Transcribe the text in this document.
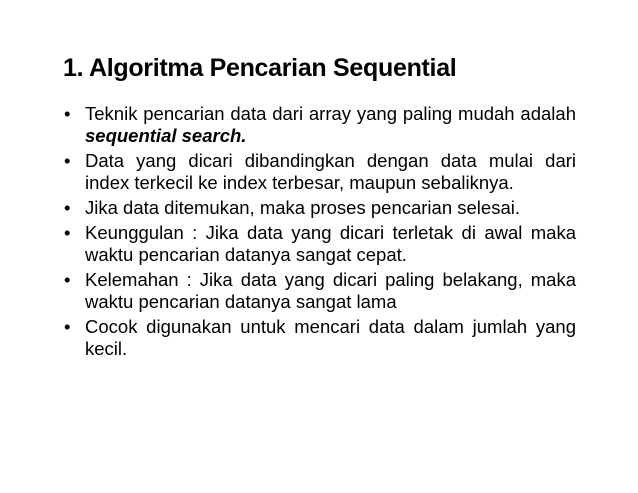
1. Algoritma Pencarian Sequential
• Teknik pencarian data dari array yang paling mudah adalah sequential search.
• Data yang dicari dibandingkan dengan data mulai dari index terkecil ke index terbesar, maupun sebaliknya.
• Jika data ditemukan, maka proses pencarian selesai.
• Keunggulan : Jika data yang dicari terletak di awal maka waktu pencarian datanya sangat cepat.
• Kelemahan : Jika data yang dicari paling belakang, maka waktu pencarian datanya sangat lama
• Cocok digunakan untuk mencari data dalam jumlah yang kecil.
